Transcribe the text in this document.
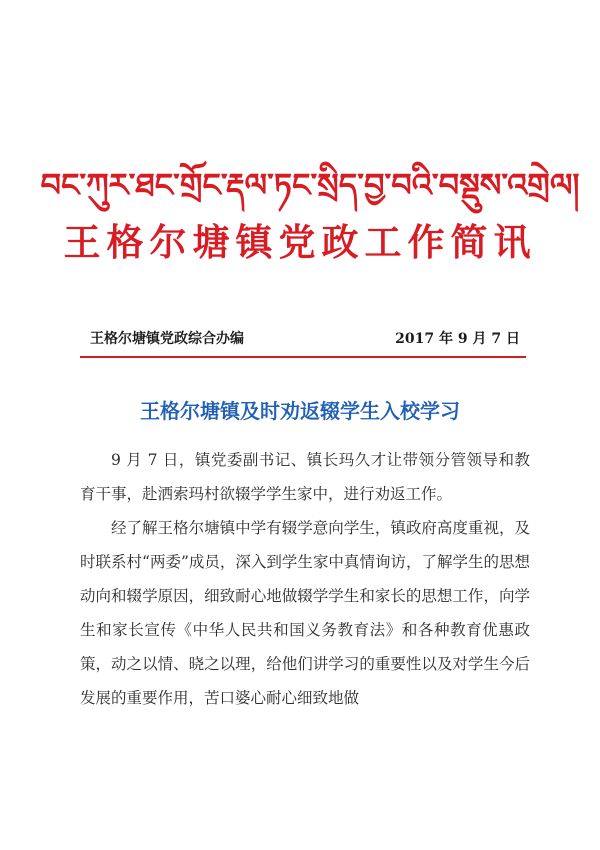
བང་ཀུར་ཐང་གྲོང་རྡལ་ཏང་སྲིད་བྱ་བའི་བསྡུས་འགྲེལ།
王格尔塘镇党政工作简讯
王格尔塘镇党政综合办编	2017 年 9 月 7 日
王格尔塘镇及时劝返辍学生入校学习

9 月 7 日，镇党委副书记、镇长玛久才让带领分管领导和教育干事，赴洒索玛村欲辍学学生家中，进行劝返工作。

经了解王格尔塘镇中学有辍学意向学生，镇政府高度重视，及时联系村“两委”成员，深入到学生家中真情询访，了解学生的思想动向和辍学原因，细致耐心地做辍学学生和家长的思想工作，向学生和家长宣传《中华人民共和国义务教育法》和各种教育优惠政策，动之以情、晓之以理，给他们讲学习的重要性以及对学生今后发展的重要作用，苦口婆心耐心细致地做
